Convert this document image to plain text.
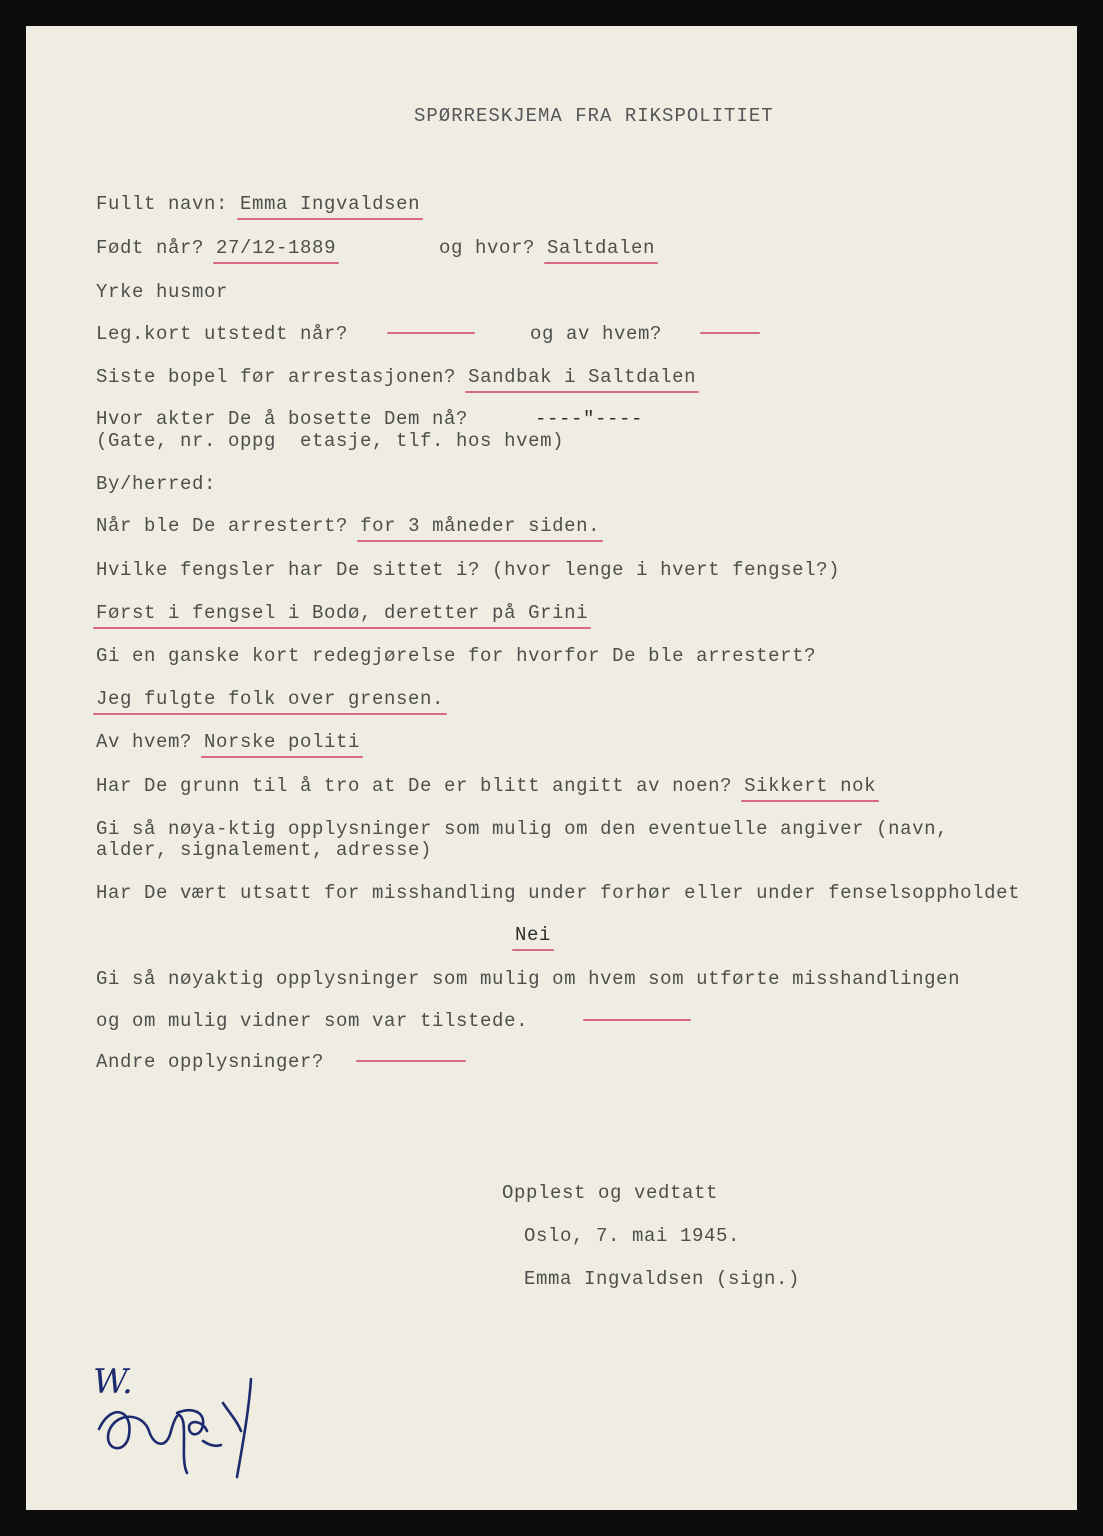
SPØRRESKJEMA FRA RIKSPOLITIET

Fullt navn: Emma Ingvaldsen

Født når? 27/12-1889	og hvor? Saltdalen

Yrke husmor

Leg.kort utstedt når?	og av hvem?

Siste bopel før arrestasjonen? Sandbak i Saltdalen

Hvor akter De å bosette Dem nå?	----"----

(Gate, nr. oppg  etasje, tlf. hos hvem)

By/herred:

Når ble De arrestert? for 3 måneder siden.

Hvilke fengsler har De sittet i? (hvor lenge i hvert fengsel?)

Først i fengsel i Bodø, deretter på Grini

Gi en ganske kort redegjørelse for hvorfor De ble arrestert?

Jeg fulgte folk over grensen.

Av hvem? Norske politi

Har De grunn til å tro at De er blitt angitt av noen? Sikkert nok

Gi så nøya-ktig opplysninger som mulig om den eventuelle angiver (navn,

alder, signalement, adresse)

Har De vært utsatt for misshandling under forhør eller under fenselsoppholdet

Nei

Gi så nøyaktig opplysninger som mulig om hvem som utførte misshandlingen

og om mulig vidner som var tilstede.

Andre opplysninger?

Opplest og vedtatt

Oslo, 7. mai 1945.

Emma Ingvaldsen (sign.)

W.
